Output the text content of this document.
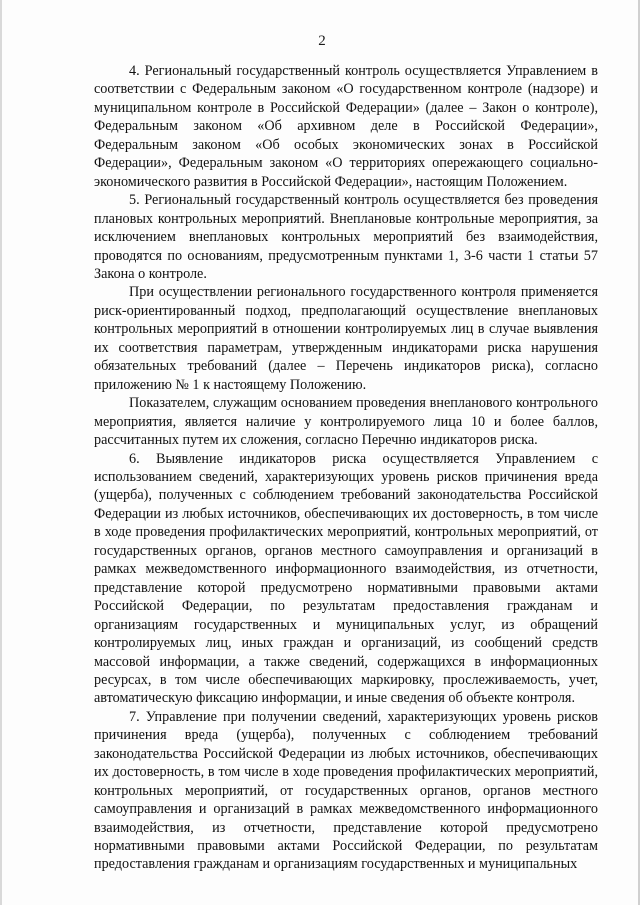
2

4. Региональный государственный контроль осуществляется Управлением в соответствии с Федеральным законом «О государственном контроле (надзоре) и муниципальном контроле в Российской Федерации» (далее – Закон о контроле), Федеральным законом «Об архивном деле в Российской Федерации», Федеральным законом «Об особых экономических зонах в Российской Федерации», Федеральным законом «О территориях опережающего социально-экономического развития в Российской Федерации», настоящим Положением.

5. Региональный государственный контроль осуществляется без проведения плановых контрольных мероприятий. Внеплановые контрольные мероприятия, за исключением внеплановых контрольных мероприятий без взаимодействия, проводятся по основаниям, предусмотренным пунктами 1, 3-6 части 1 статьи 57 Закона о контроле.

При осуществлении регионального государственного контроля применяется риск-ориентированный подход, предполагающий осуществление внеплановых контрольных мероприятий в отношении контролируемых лиц в случае выявления их соответствия параметрам, утвержденным индикаторами риска нарушения обязательных требований (далее – Перечень индикаторов риска), согласно приложению № 1 к настоящему Положению.

Показателем, служащим основанием проведения внепланового контрольного мероприятия, является наличие у контролируемого лица 10 и более баллов, рассчитанных путем их сложения, согласно Перечню индикаторов риска.

6. Выявление индикаторов риска осуществляется Управлением с использованием сведений, характеризующих уровень рисков причинения вреда (ущерба), полученных с соблюдением требований законодательства Российской Федерации из любых источников, обеспечивающих их достоверность, в том числе в ходе проведения профилактических мероприятий, контрольных мероприятий, от государственных органов, органов местного самоуправления и организаций в рамках межведомственного информационного взаимодействия, из отчетности, представление которой предусмотрено нормативными правовыми актами Российской Федерации, по результатам предоставления гражданам и организациям государственных и муниципальных услуг, из обращений контролируемых лиц, иных граждан и организаций, из сообщений средств массовой информации, а также сведений, содержащихся в информационных ресурсах, в том числе обеспечивающих маркировку, прослеживаемость, учет, автоматическую фиксацию информации, и иные сведения об объекте контроля.

7. Управление при получении сведений, характеризующих уровень рисков причинения вреда (ущерба), полученных с соблюдением требований законодательства Российской Федерации из любых источников, обеспечивающих их достоверность, в том числе в ходе проведения профилактических мероприятий, контрольных мероприятий, от государственных органов, органов местного самоуправления и организаций в рамках межведомственного информационного взаимодействия, из отчетности, представление которой предусмотрено нормативными правовыми актами Российской Федерации, по результатам предоставления гражданам и организациям государственных и муниципальных
